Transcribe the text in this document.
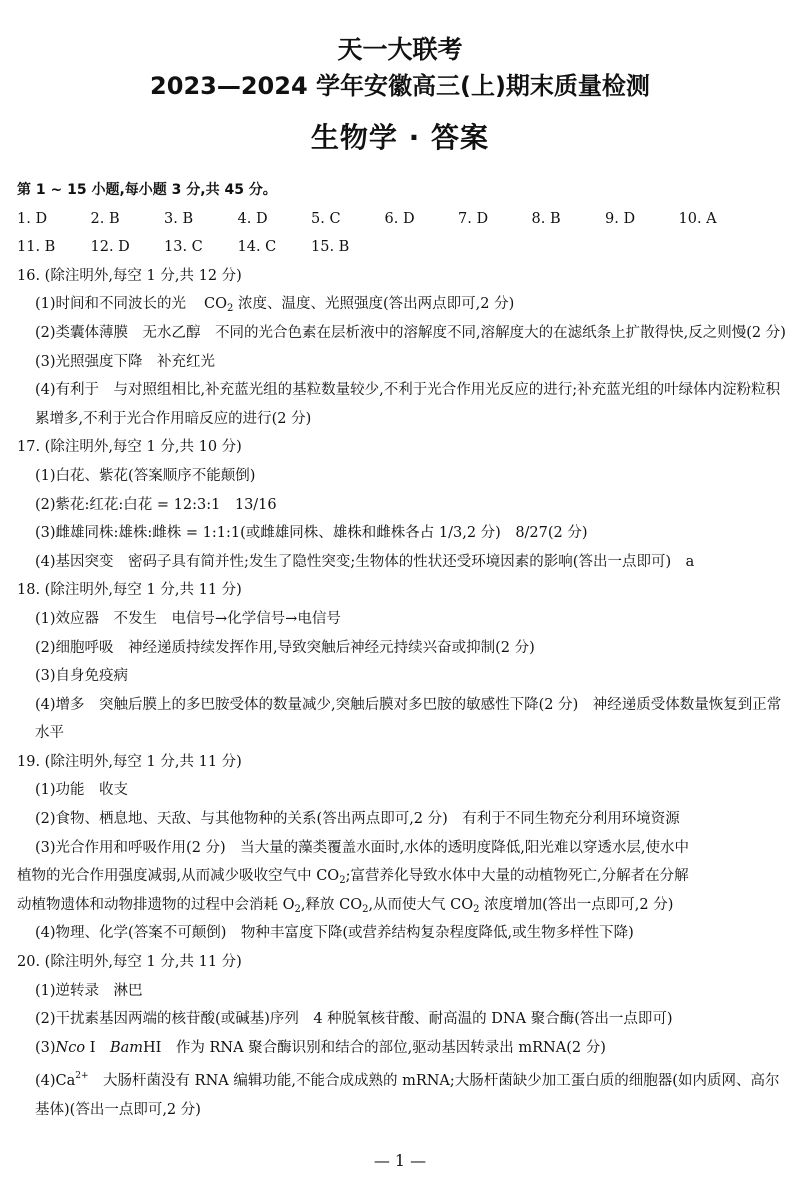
天一大联考
2023—2024 学年安徽高三(上)期末质量检测
生物学 · 答案
第 1 ~ 15 小题,每小题 3 分,共 45 分。
1. D	2. B	3. B	4. D	5. C	6. D	7. D	8. B	9. D	10. A
11. B	12. D	13. C	14. C	15. B
16. (除注明外,每空 1 分,共 12 分)
(1)时间和不同波长的光 $CO_2$ 浓度、温度、光照强度(答出两点即可,2 分)
(2)类囊体薄膜　无水乙醇　不同的光合色素在层析液中的溶解度不同,溶解度大的在滤纸条上扩散得快,反之则慢(2 分)
(3)光照强度下降　补充红光
(4)有利于　与对照组相比,补充蓝光组的基粒数量较少,不利于光合作用光反应的进行;补充蓝光组的叶绿体内淀粉粒积累增多,不利于光合作用暗反应的进行(2 分)
17. (除注明外,每空 1 分,共 10 分)
(1)白花、紫花(答案顺序不能颠倒)
(2)紫花:红花:白花 = 12:3:1　13/16
(3)雌雄同株:雄株:雌株 = 1:1:1(或雌雄同株、雄株和雌株各占 1/3,2 分)　8/27(2 分)
(4)基因突变　密码子具有简并性;发生了隐性突变;生物体的性状还受环境因素的影响(答出一点即可)　a
18. (除注明外,每空 1 分,共 11 分)
(1)效应器　不发生　电信号→化学信号→电信号
(2)细胞呼吸　神经递质持续发挥作用,导致突触后神经元持续兴奋或抑制(2 分)
(3)自身免疫病
(4)增多　突触后膜上的多巴胺受体的数量减少,突触后膜对多巴胺的敏感性下降(2 分)　神经递质受体数量恢复到正常水平
19. (除注明外,每空 1 分,共 11 分)
(1)功能　收支
(2)食物、栖息地、天敌、与其他物种的关系(答出两点即可,2 分)　有利于不同生物充分利用环境资源
(3)光合作用和呼吸作用(2 分)　当大量的藻类覆盖水面时,水体的透明度降低,阳光难以穿透水层,使水中
植物的光合作用强度减弱,从而减少吸收空气中 $CO_2$;富营养化导致水体中大量的动植物死亡,分解者在分解
动植物遗体和动物排遗物的过程中会消耗 $O_2$,释放 $CO_2$,从而使大气 $CO_2$ 浓度增加(答出一点即可,2 分)
(4)物理、化学(答案不可颠倒)　物种丰富度下降(或营养结构复杂程度降低,或生物多样性下降)
20. (除注明外,每空 1 分,共 11 分)
(1)逆转录　淋巴
(2)干扰素基因两端的核苷酸(或碱基)序列　4 种脱氧核苷酸、耐高温的 DNA 聚合酶(答出一点即可)
(3)Nco Ⅰ　BamHⅠ　作为 RNA 聚合酶识别和结合的部位,驱动基因转录出 mRNA(2 分)
$(4)Ca^{2+}$　大肠杆菌没有 RNA 编辑功能,不能合成成熟的 mRNA;大肠杆菌缺少加工蛋白质的细胞器(如内质网、高尔基体)(答出一点即可,2 分)
— 1 —
